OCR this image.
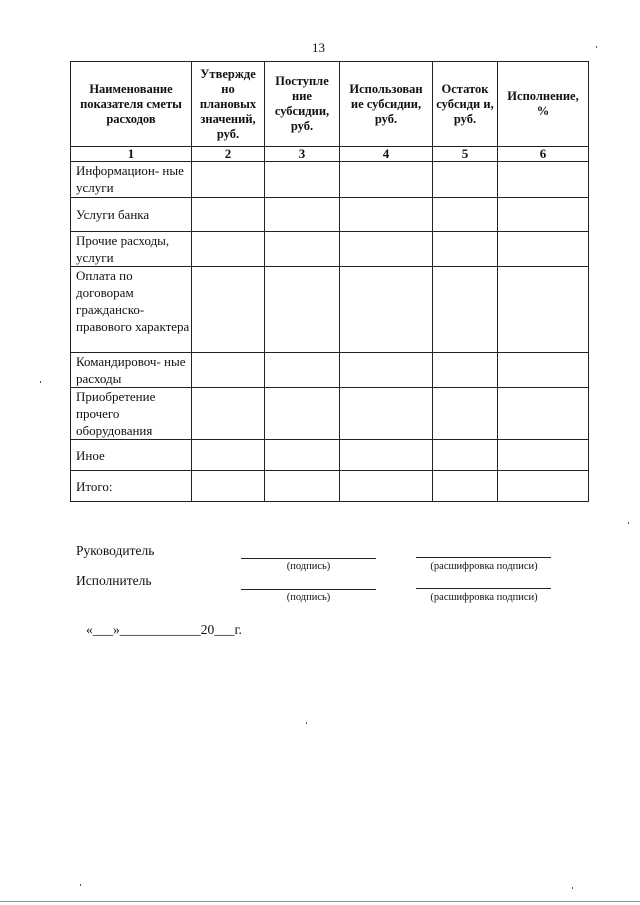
13
Наименование показателя сметы расходов	Утвержде но плановых значений, руб.	Поступле ние субсидии, руб.	Использован ие субсидии, руб.	Остаток субсиди и, руб.	Исполнение, %

1	2	3	4	5	6
Информацион- ные услуги					
Услуги банка					
Прочие расходы, услуги					
Оплата по договорам гражданско- правового характера					
Командировоч- ные расходы					
Приобретение прочего оборудования					
Иное					
Итого:					
Руководитель
(подпись)	(расшифровка подписи)
Исполнитель
(подпись)	(расшифровка подписи)
«___»____________20___г.
